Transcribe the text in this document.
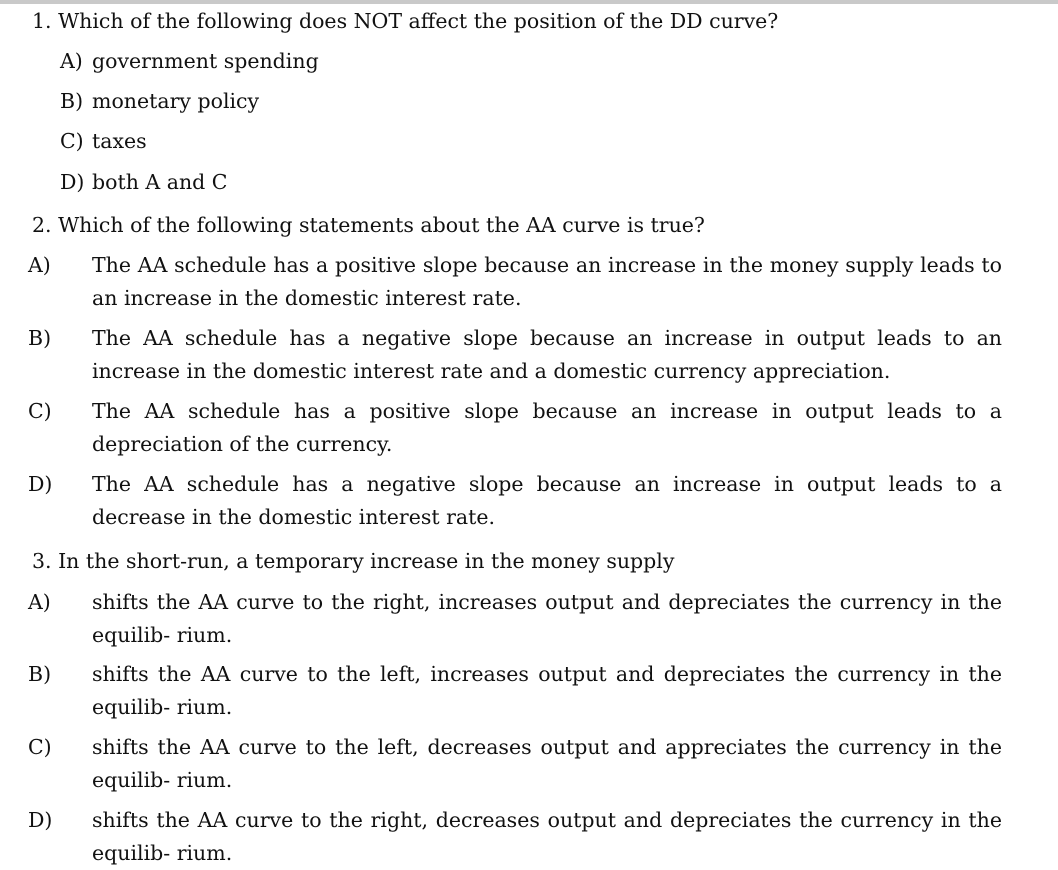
1. Which of the following does NOT affect the position of the DD curve?
A) government spending
B) monetary policy
C) taxes
D) both A and C
2. Which of the following statements about the AA curve is true?
A) The AA schedule has a positive slope because an increase in the money supply leads to an increase in the domestic interest rate.
B) The AA schedule has a negative slope because an increase in output leads to an increase in the domestic interest rate and a domestic currency appreciation.
C) The AA schedule has a positive slope because an increase in output leads to a depreciation of the currency.
D) The AA schedule has a negative slope because an increase in output leads to a decrease in the domestic interest rate.
3. In the short-run, a temporary increase in the money supply
A) shifts the AA curve to the right, increases output and depreciates the currency in the equilib- rium.
B) shifts the AA curve to the left, increases output and depreciates the currency in the equilib- rium.
C) shifts the AA curve to the left, decreases output and appreciates the currency in the equilib- rium.
D) shifts the AA curve to the right, decreases output and depreciates the currency in the equilib- rium.
